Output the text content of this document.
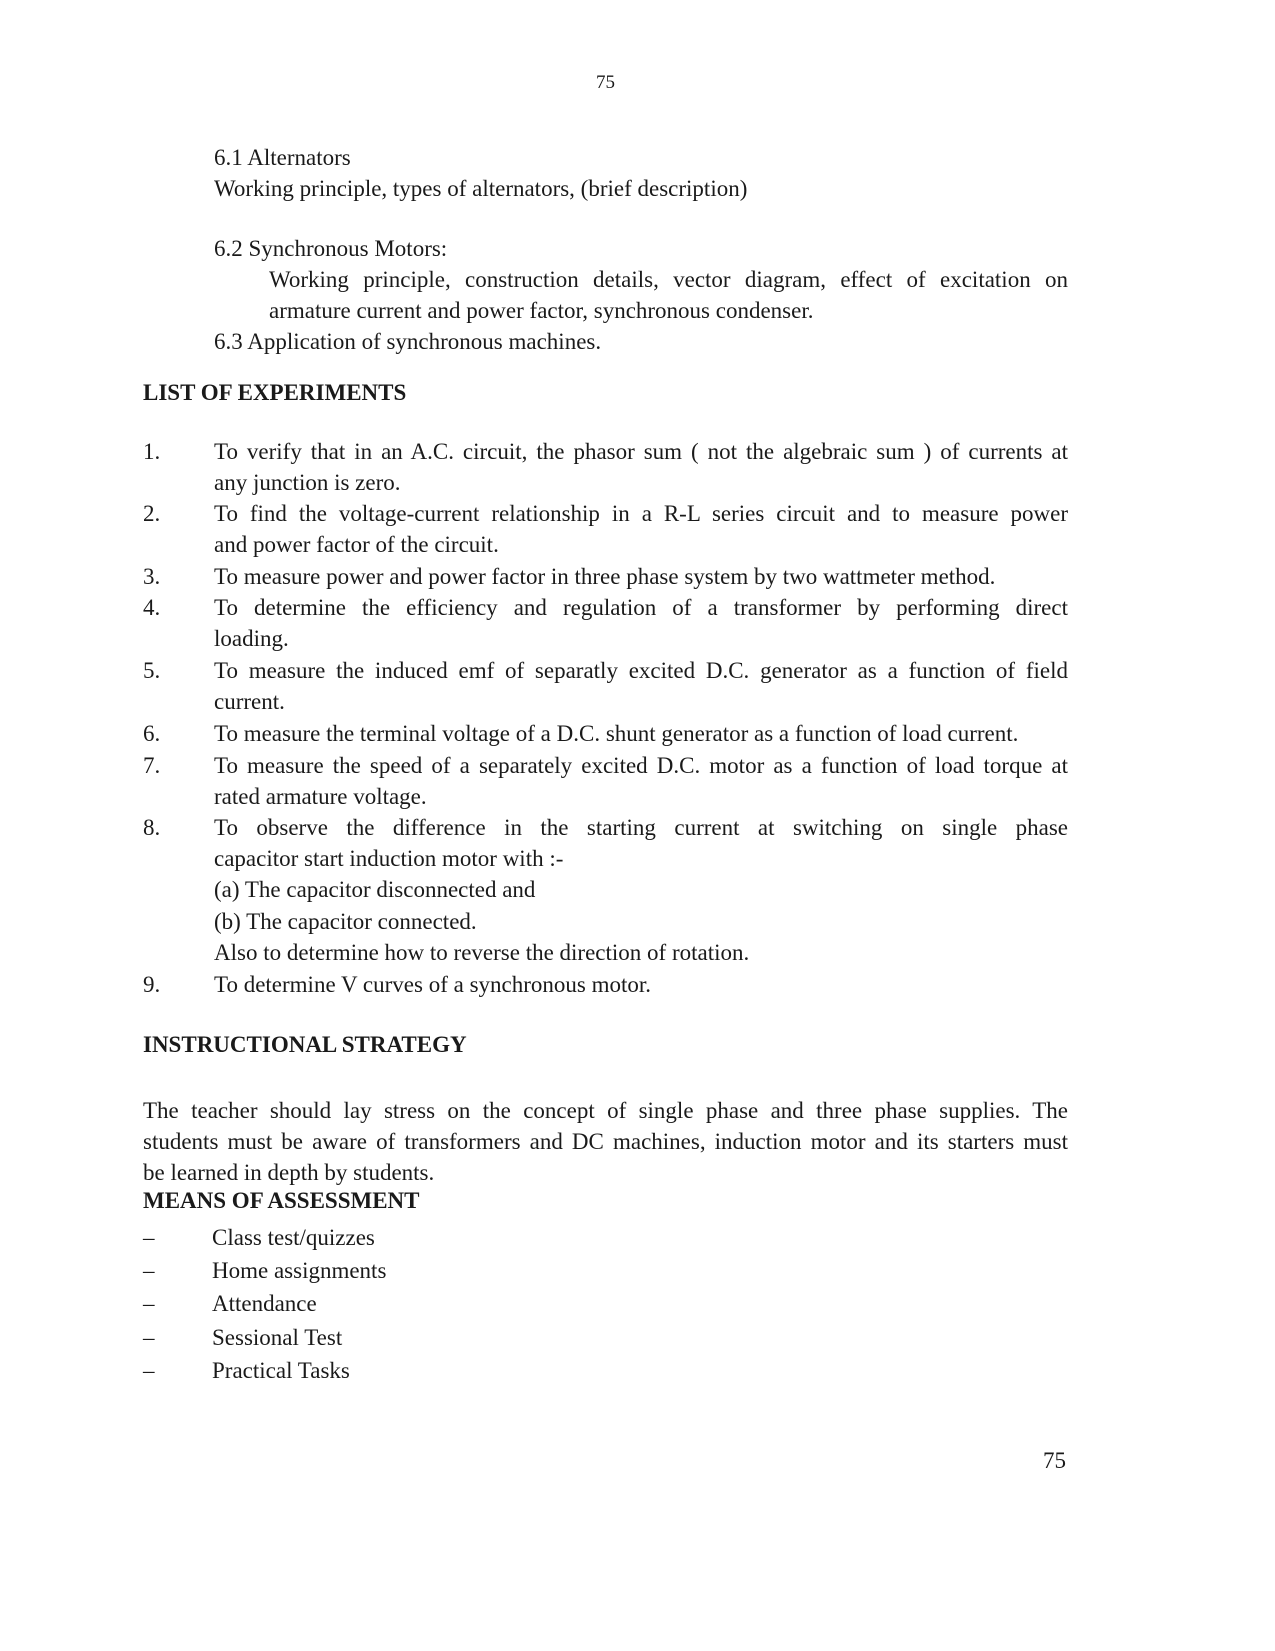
75
6.1 Alternators
Working principle, types of alternators, (brief description)
6.2 Synchronous Motors:
Working principle, construction details, vector diagram, effect of excitation on
armature current and power factor, synchronous condenser.
6.3 Application of synchronous machines.
LIST OF EXPERIMENTS
1. To verify that in an A.C. circuit, the phasor sum ( not the algebraic sum ) of currents at
any junction is zero.
2. To find the voltage-current relationship in a R-L series circuit and to measure power
and power factor of the circuit.
3. To measure power and power factor in three phase system by two wattmeter method.
4. To determine the efficiency and regulation of a transformer by performing direct
loading.
5. To measure the induced emf of separatly excited D.C. generator as a function of field
current.
6. To measure the terminal voltage of a D.C. shunt generator as a function of load current.
7. To measure the speed of a separately excited D.C. motor as a function of load torque at
rated armature voltage.
8. To observe the difference in the starting current at switching on single phase
capacitor start induction motor with :-
(a) The capacitor disconnected and
(b) The capacitor connected.
Also to determine how to reverse the direction of rotation.
9. To determine V curves of a synchronous motor.
INSTRUCTIONAL STRATEGY
The teacher should lay stress on the concept of single phase and three phase supplies. The
students must be aware of transformers and DC machines, induction motor and its starters must
be learned in depth by students.
MEANS OF ASSESSMENT
–	Class test/quizzes
–	Home assignments
–	Attendance
–	Sessional Test
–	Practical Tasks
75
